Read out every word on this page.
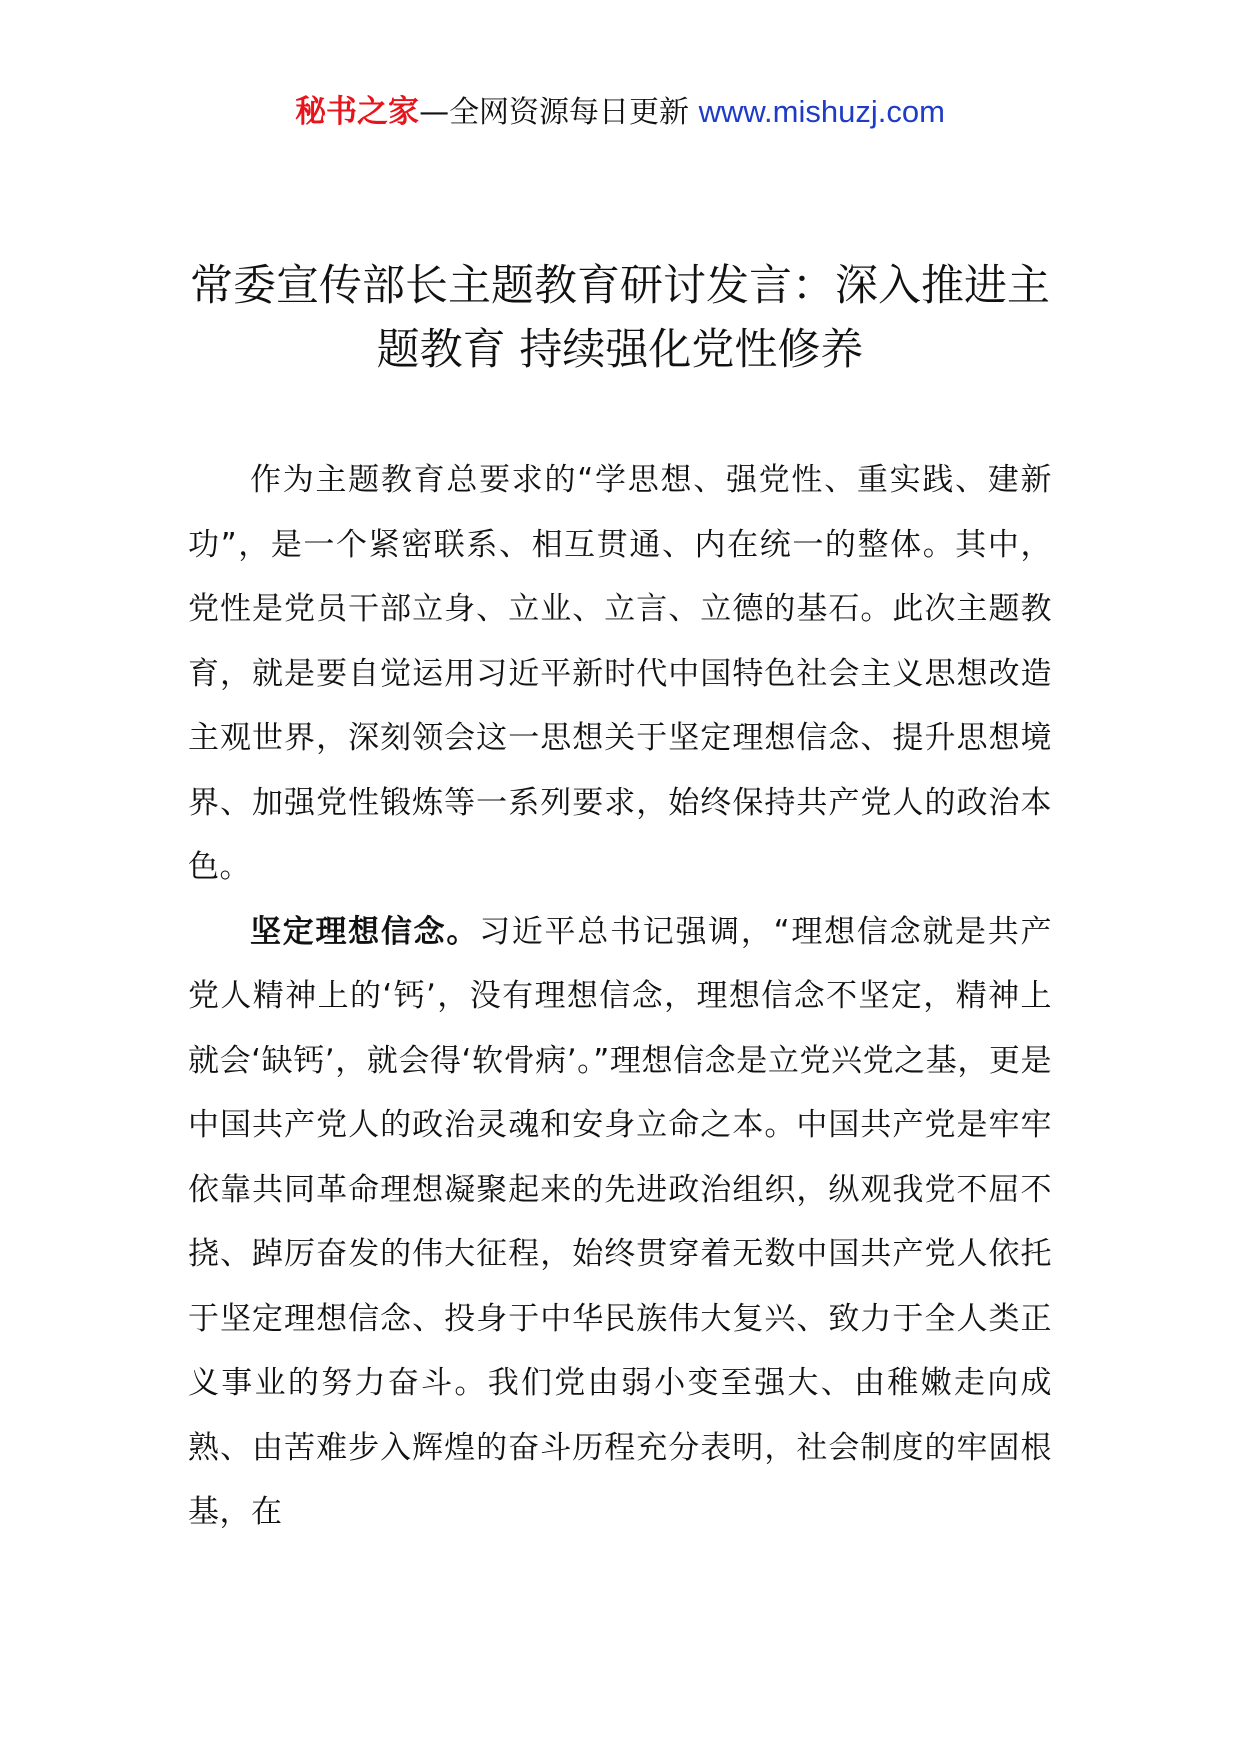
秘书之家—全网资源每日更新 www.mishuzj.com
常委宣传部长主题教育研讨发言：深入推进主题教育 持续强化党性修养

作为主题教育总要求的“学思想、强党性、重实践、建新功”，是一个紧密联系、相互贯通、内在统一的整体。其中，党性是党员干部立身、立业、立言、立德的基石。此次主题教育，就是要自觉运用习近平新时代中国特色社会主义思想改造主观世界，深刻领会这一思想关于坚定理想信念、提升思想境界、加强党性锻炼等一系列要求，始终保持共产党人的政治本色。

坚定理想信念。习近平总书记强调，“理想信念就是共产党人精神上的‘钙’，没有理想信念，理想信念不坚定，精神上就会‘缺钙’，就会得‘软骨病’。”理想信念是立党兴党之基，更是中国共产党人的政治灵魂和安身立命之本。中国共产党是牢牢依靠共同革命理想凝聚起来的先进政治组织，纵观我党不屈不挠、踔厉奋发的伟大征程，始终贯穿着无数中国共产党人依托于坚定理想信念、投身于中华民族伟大复兴、致力于全人类正义事业的努力奋斗。我们党由弱小变至强大、由稚嫩走向成熟、由苦难步入辉煌的奋斗历程充分表明，社会制度的牢固根基，在
